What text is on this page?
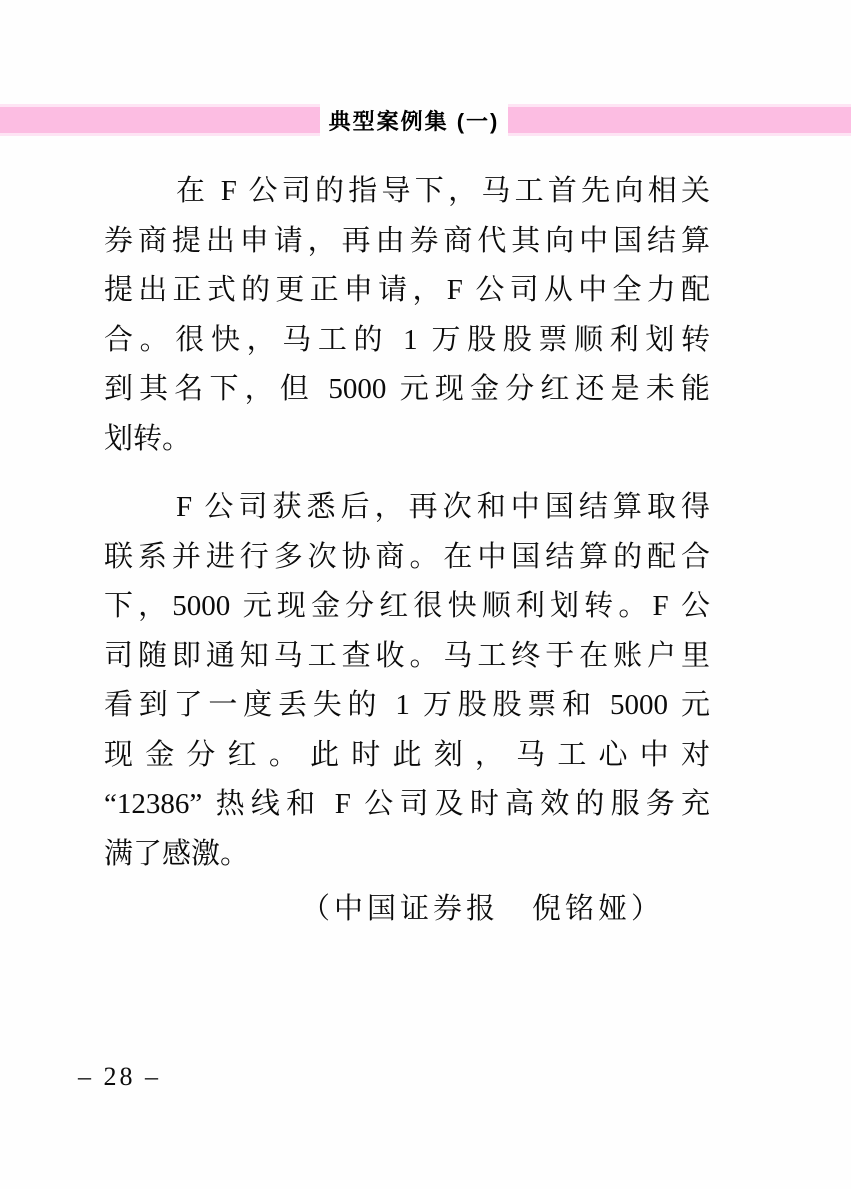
典型案例集 (一)
在 F 公司的指导下，马工首先向相关
券商提出申请，再由券商代其向中国结算
提出正式的更正申请，F 公司从中全力配
合。很快，马工的 1 万股股票顺利划转
到其名下，但 5000 元现金分红还是未能
划转。
F 公司获悉后，再次和中国结算取得
联系并进行多次协商。在中国结算的配合
下，5000 元现金分红很快顺利划转。F 公
司随即通知马工查收。马工终于在账户里
看到了一度丢失的 1 万股股票和 5000 元
现金分红。此时此刻，马工心中对
“12386” 热线和 F 公司及时高效的服务充
满了感激。
（中国证券报　倪铭娅）
– 28 –
